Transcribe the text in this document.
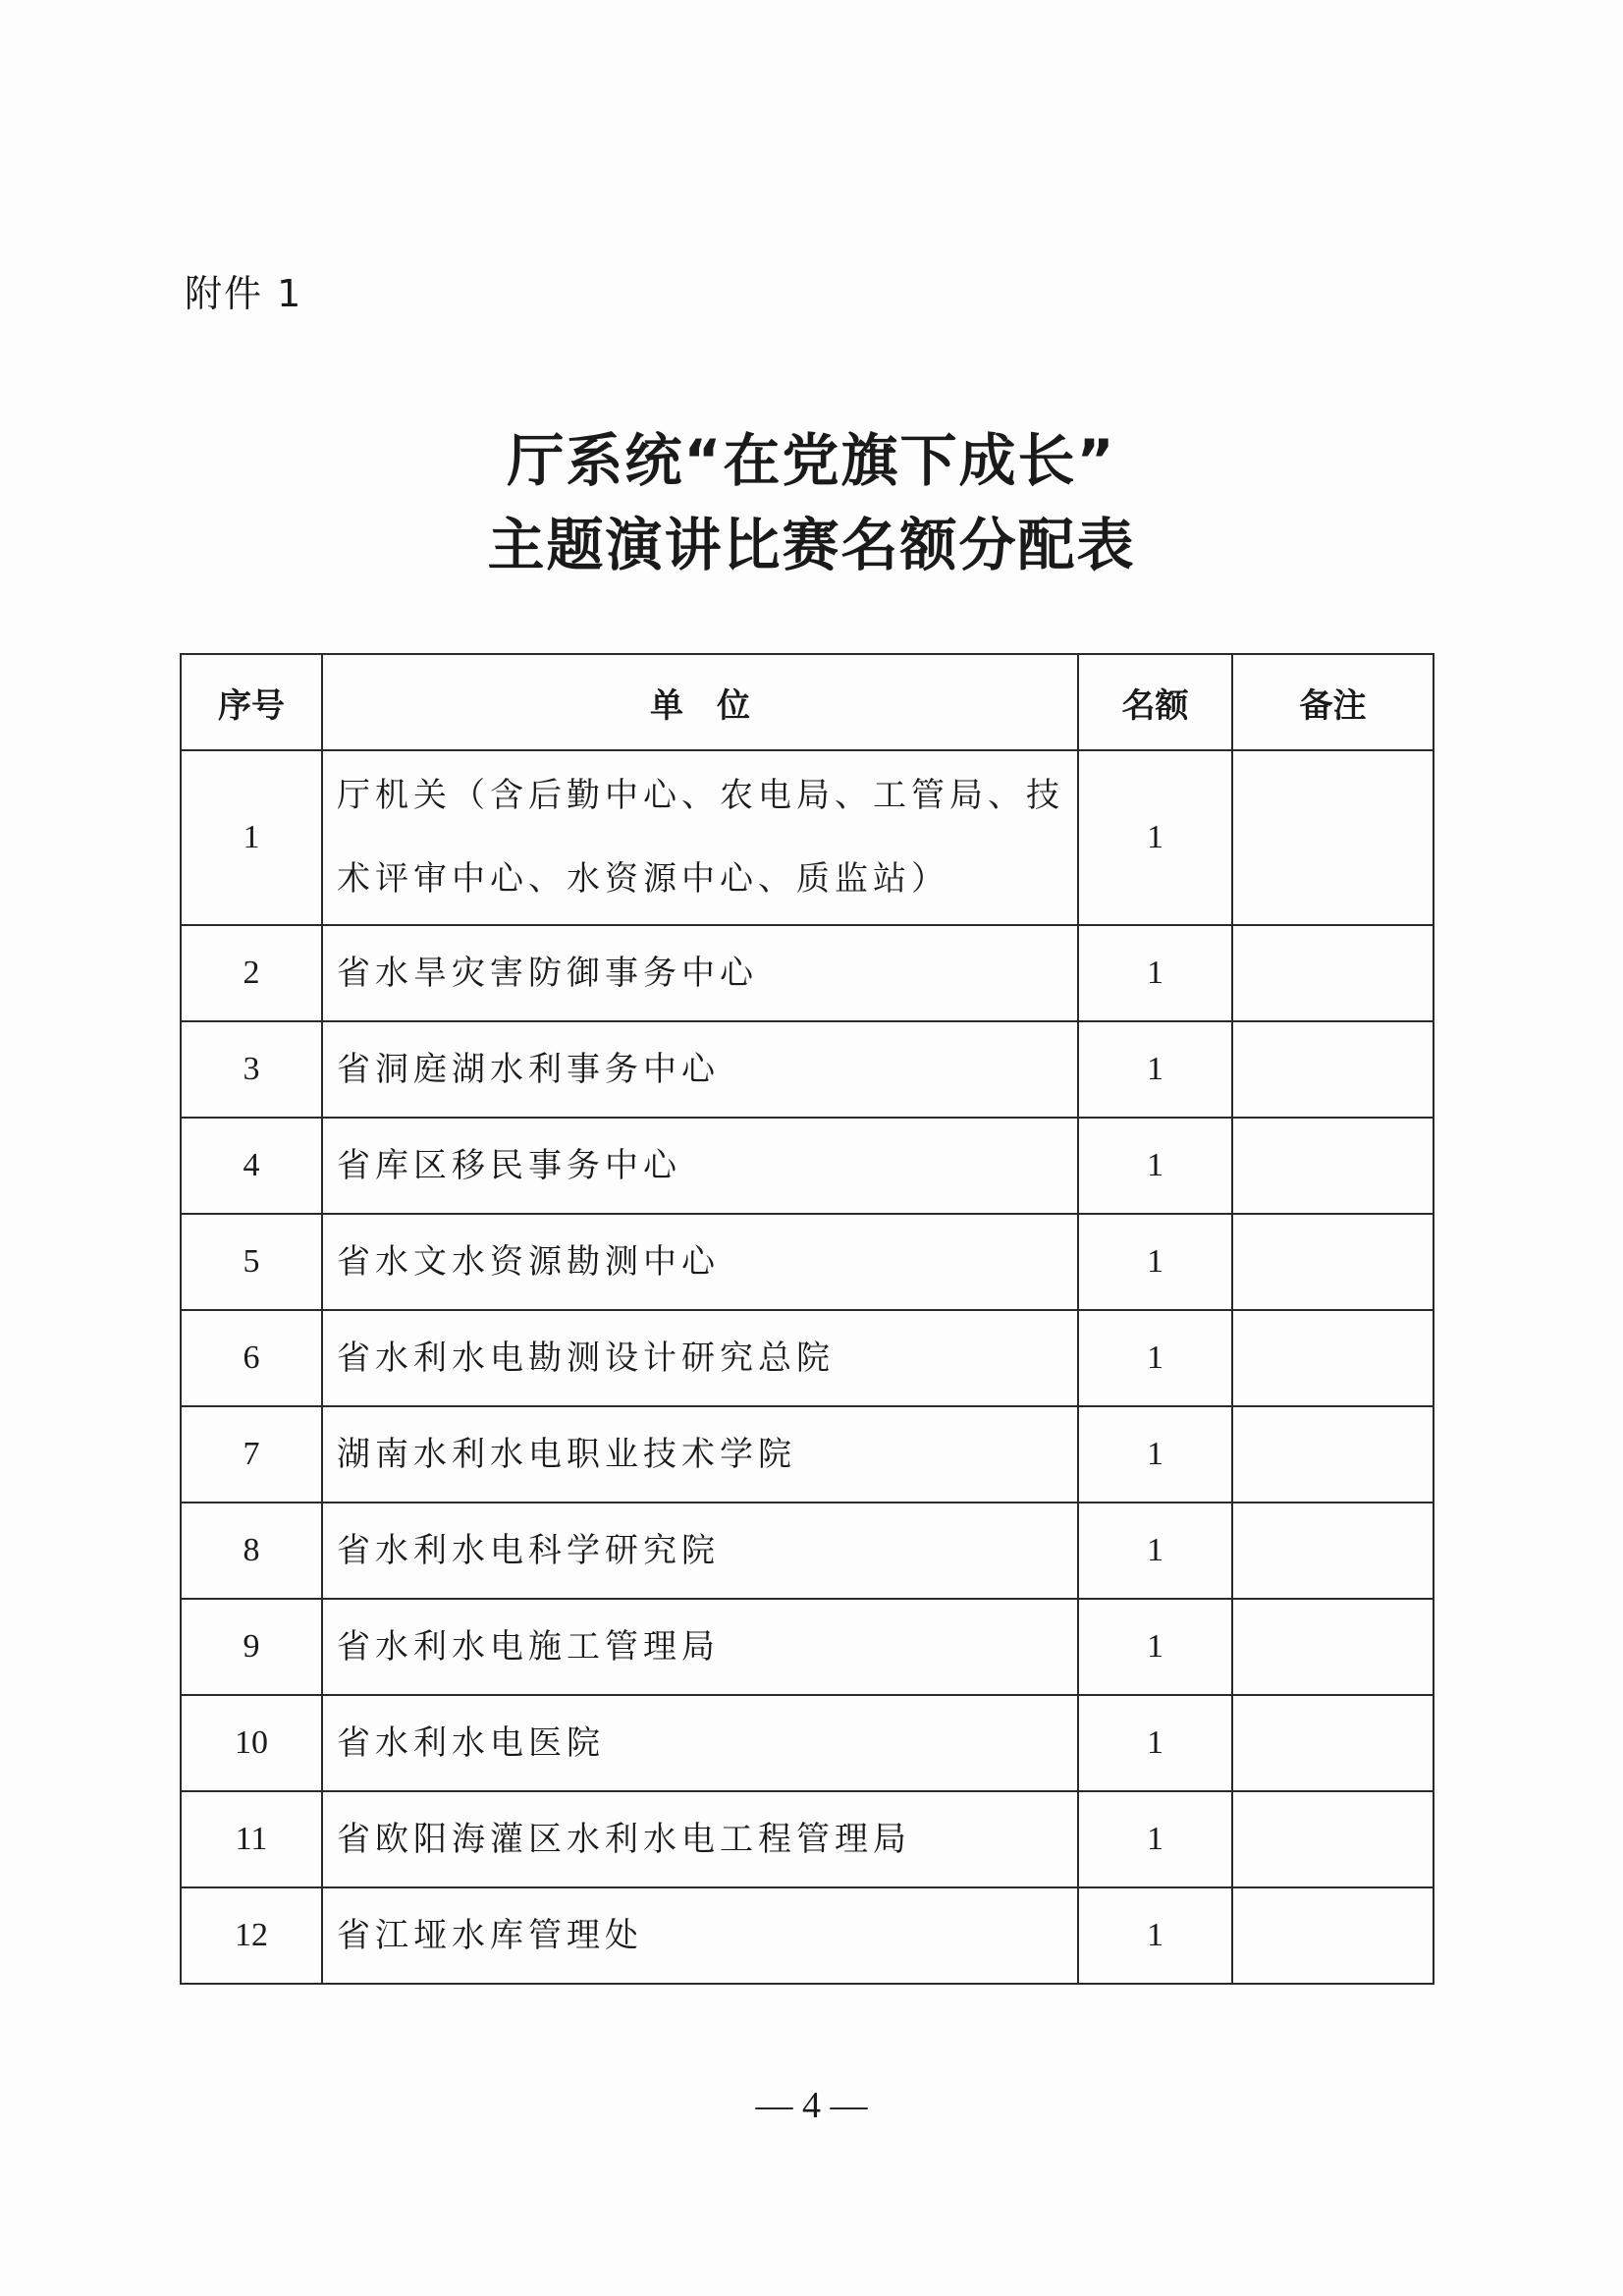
附件 1
厅系统“在党旗下成长”
主题演讲比赛名额分配表
序号	单　位	名额	备注
1	厅机关（含后勤中心、农电局、工管局、技术评审中心、水资源中心、质监站）	1	
2	省水旱灾害防御事务中心	1	
3	省洞庭湖水利事务中心	1	
4	省库区移民事务中心	1	
5	省水文水资源勘测中心	1	
6	省水利水电勘测设计研究总院	1	
7	湖南水利水电职业技术学院	1	
8	省水利水电科学研究院	1	
9	省水利水电施工管理局	1	
10	省水利水电医院	1	
11	省欧阳海灌区水利水电工程管理局	1	
12	省江垭水库管理处	1	
— 4 —
